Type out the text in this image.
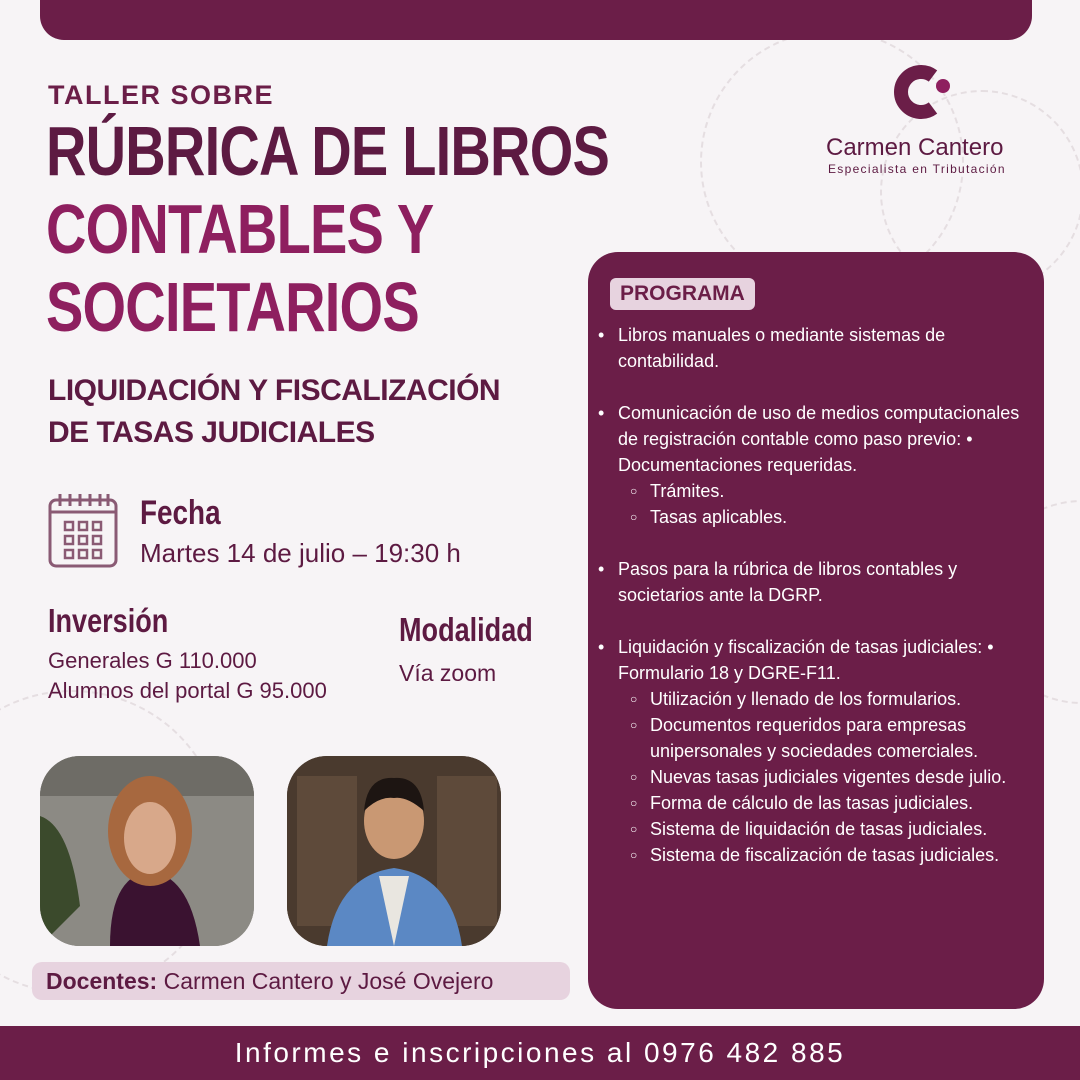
TALLER SOBRE
RÚBRICA DE LIBROS
CONTABLES Y
SOCIETARIOS
LIQUIDACIÓN Y FISCALIZACIÓN
DE TASAS JUDICIALES
Fecha
Martes 14 de julio – 19:30 h
Inversión
Generales G 110.000
Alumnos del portal G 95.000
Modalidad
Vía zoom
Docentes: Carmen Cantero y José Ovejero
Carmen Cantero
Especialista en Tributación
PROGRAMA
• Libros manuales o mediante sistemas de contabilidad.
• Comunicación de uso de medios computacionales de registración contable como paso previo: • Documentaciones requeridas.
○ Trámites.
○ Tasas aplicables.
• Pasos para la rúbrica de libros contables y societarios ante la DGRP.
• Liquidación y fiscalización de tasas judiciales: • Formulario 18 y DGRE-F11.
○ Utilización y llenado de los formularios.
○ Documentos requeridos para empresas unipersonales y sociedades comerciales.
○ Nuevas tasas judiciales vigentes desde julio.
○ Forma de cálculo de las tasas judiciales.
○ Sistema de liquidación de tasas judiciales.
○ Sistema de fiscalización de tasas judiciales.
Informes e inscripciones al 0976 482 885
